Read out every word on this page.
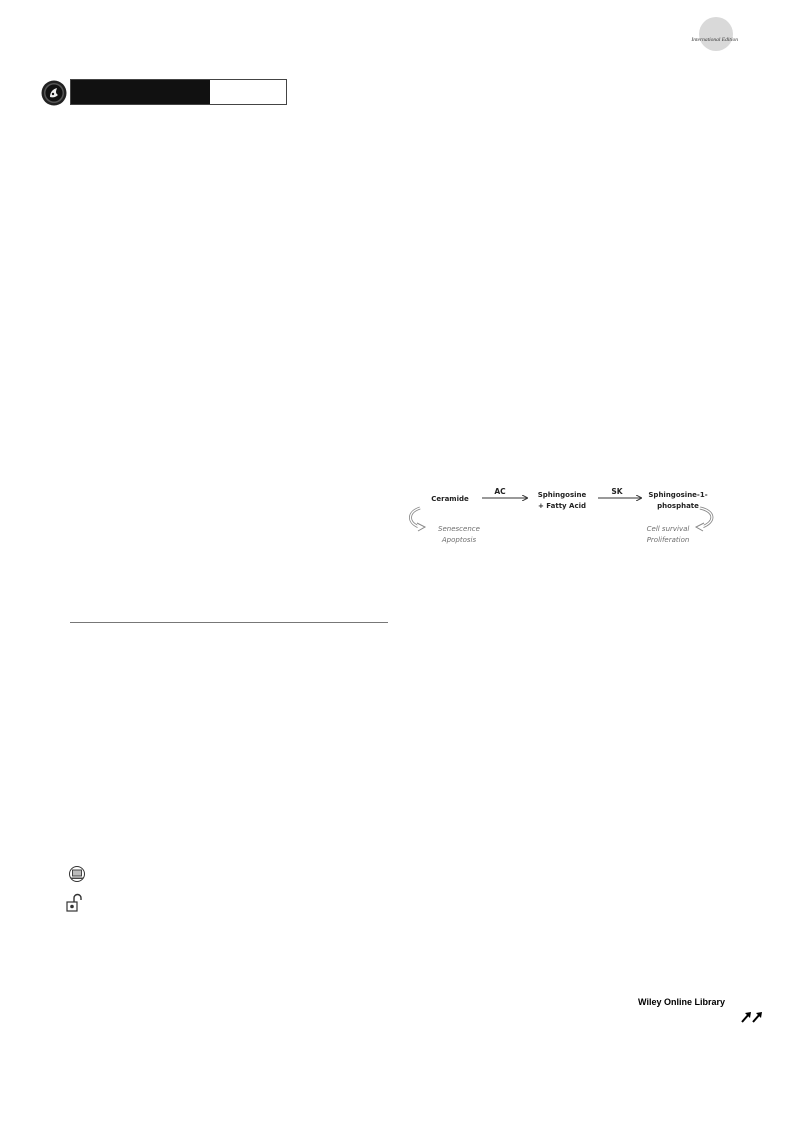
International Edition
Ceramide
AC	Sphingosine
+ Fatty Acid
SK	Sphingosine-1-
phosphate
Senescence
Apoptosis
Cell survival
Proliferation
Wiley Online Library
